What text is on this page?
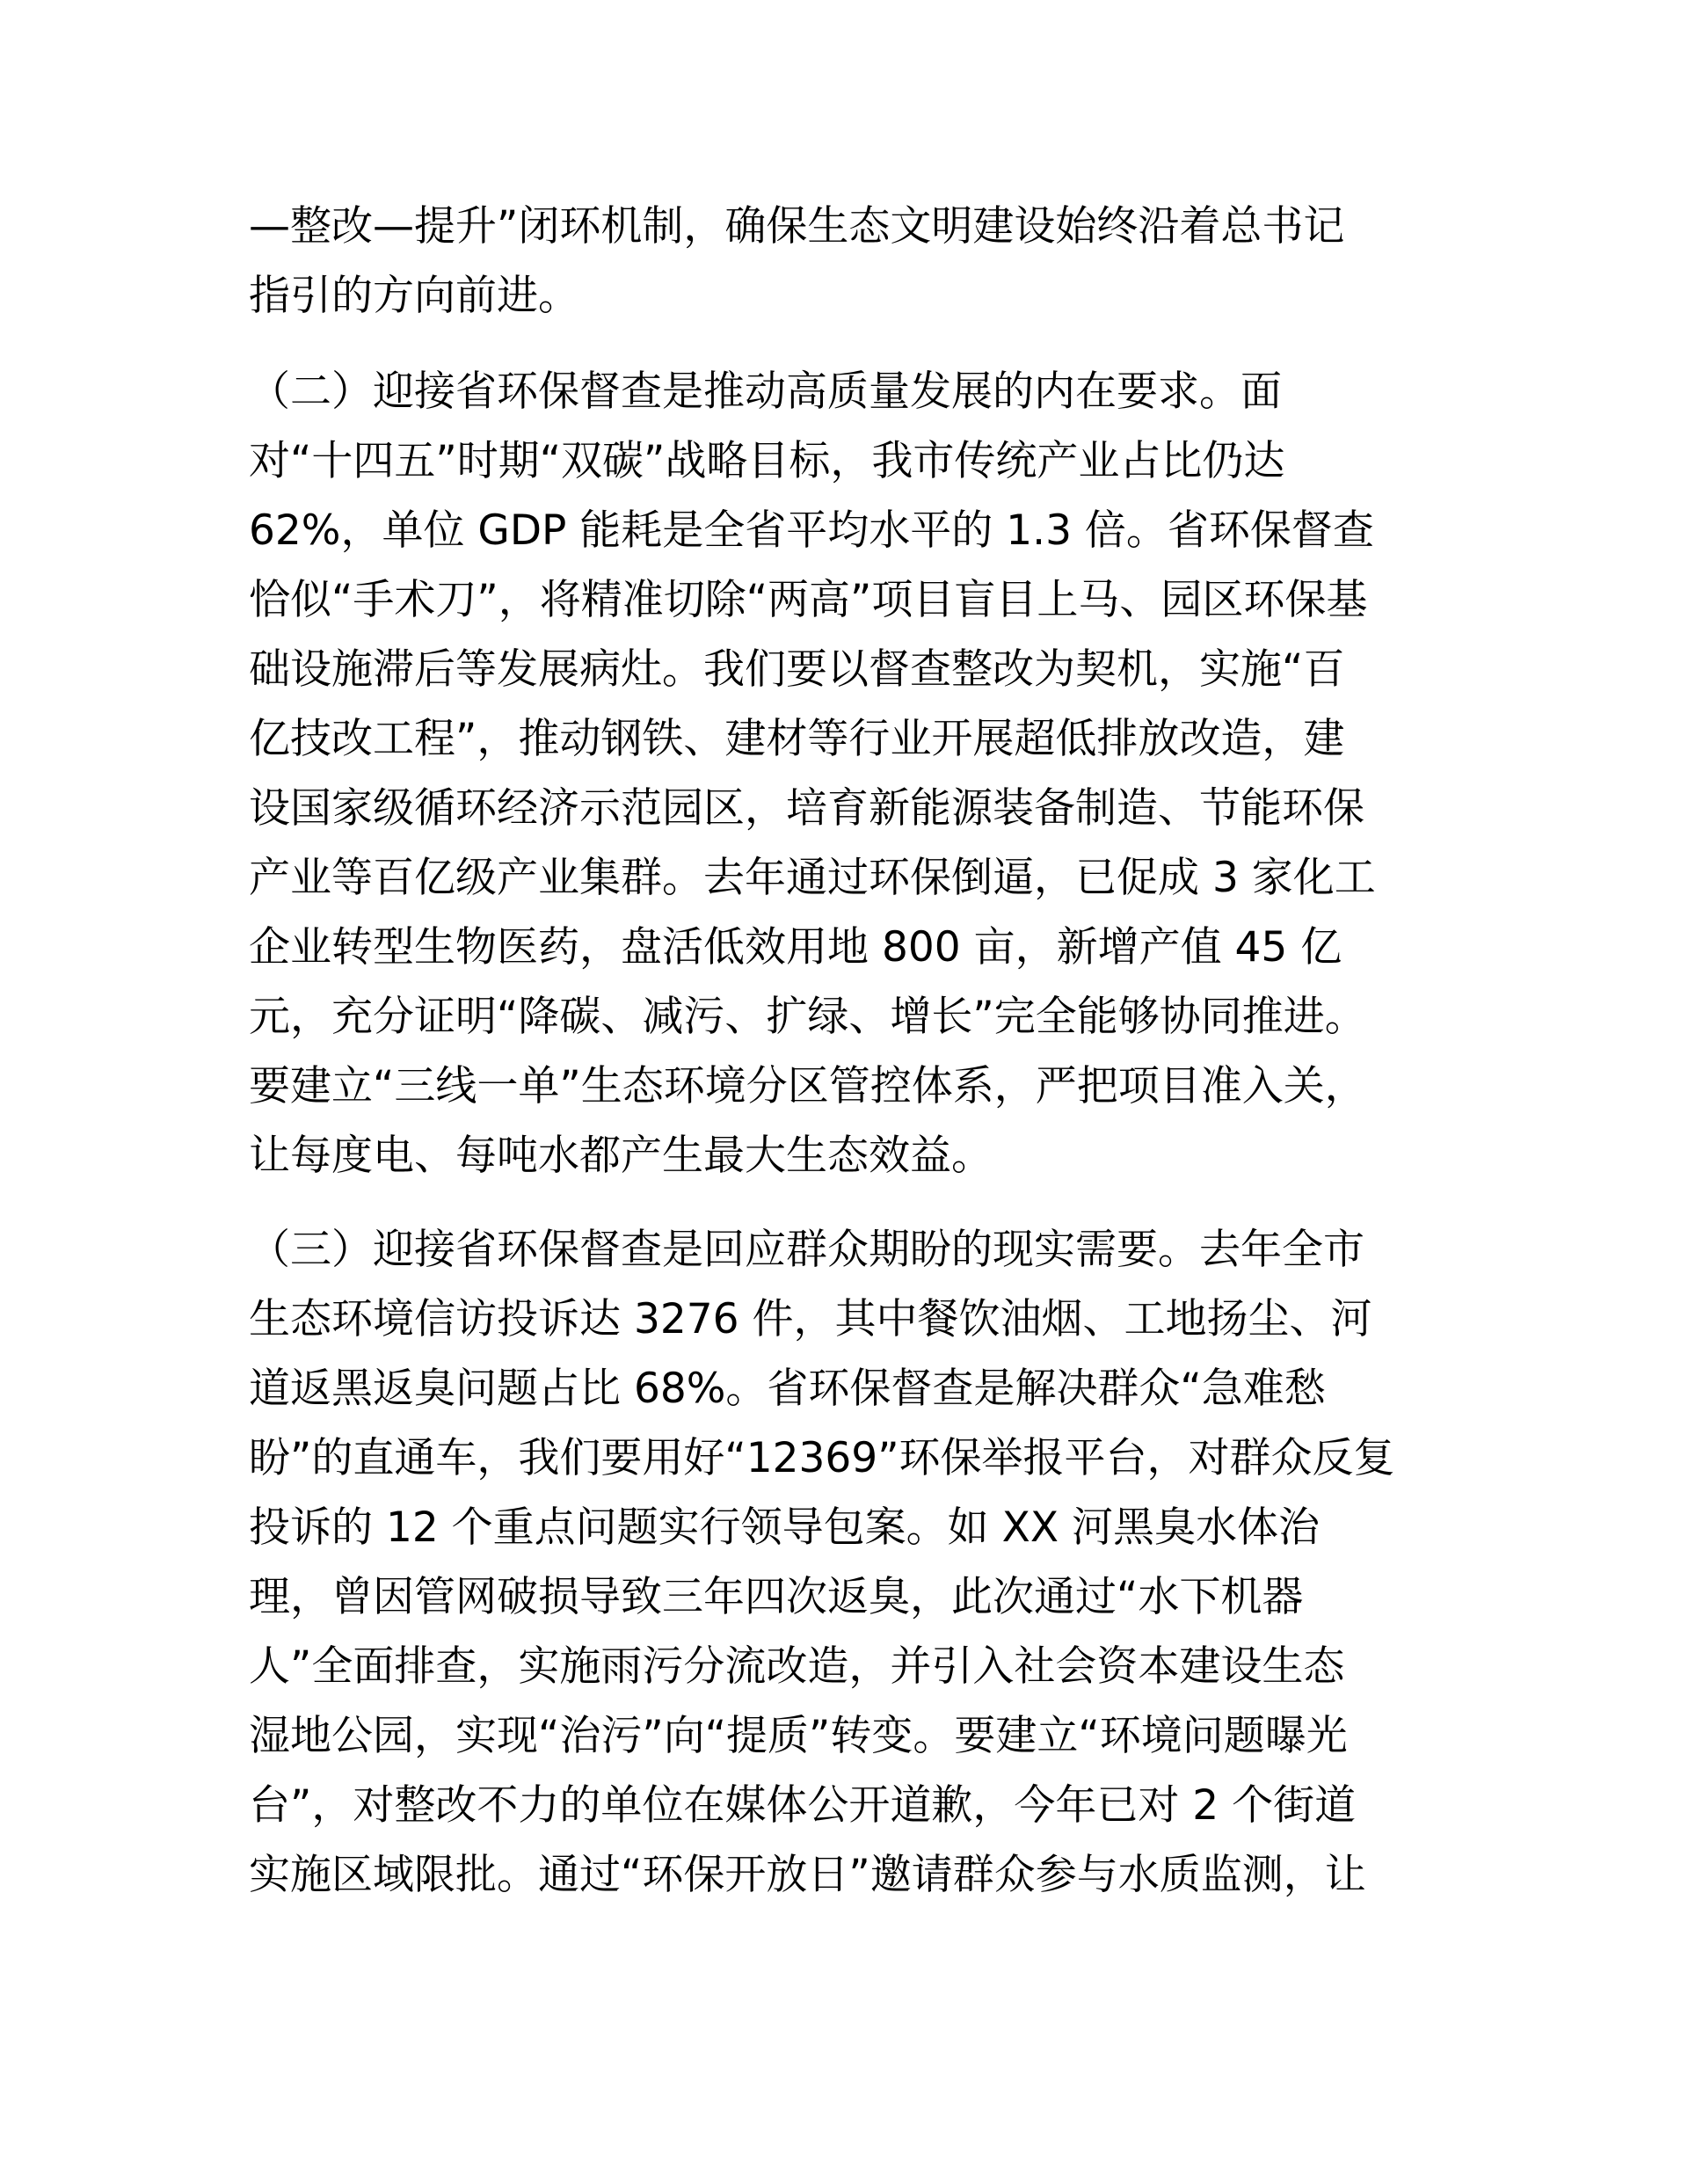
—整改—提升”闭环机制，确保生态文明建设始终沿着总书记
指引的方向前进。
（二）迎接省环保督查是推动高质量发展的内在要求。面
对“十四五”时期“双碳”战略目标，我市传统产业占比仍达
62%，单位 GDP 能耗是全省平均水平的 1.3 倍。省环保督查
恰似“手术刀”，将精准切除“两高”项目盲目上马、园区环保基
础设施滞后等发展病灶。我们要以督查整改为契机，实施“百
亿技改工程”，推动钢铁、建材等行业开展超低排放改造，建
设国家级循环经济示范园区，培育新能源装备制造、节能环保
产业等百亿级产业集群。去年通过环保倒逼，已促成 3 家化工
企业转型生物医药，盘活低效用地 800 亩，新增产值 45 亿
元，充分证明“降碳、减污、扩绿、增长”完全能够协同推进。
要建立“三线一单”生态环境分区管控体系，严把项目准入关，
让每度电、每吨水都产生最大生态效益。
（三）迎接省环保督查是回应群众期盼的现实需要。去年全市
生态环境信访投诉达 3276 件，其中餐饮油烟、工地扬尘、河
道返黑返臭问题占比 68%。省环保督查是解决群众“急难愁
盼”的直通车，我们要用好“12369”环保举报平台，对群众反复
投诉的 12 个重点问题实行领导包案。如 XX 河黑臭水体治
理，曾因管网破损导致三年四次返臭，此次通过“水下机器
人”全面排查，实施雨污分流改造，并引入社会资本建设生态
湿地公园，实现“治污”向“提质”转变。要建立“环境问题曝光
台”，对整改不力的单位在媒体公开道歉，今年已对 2 个街道
实施区域限批。通过“环保开放日”邀请群众参与水质监测，让
